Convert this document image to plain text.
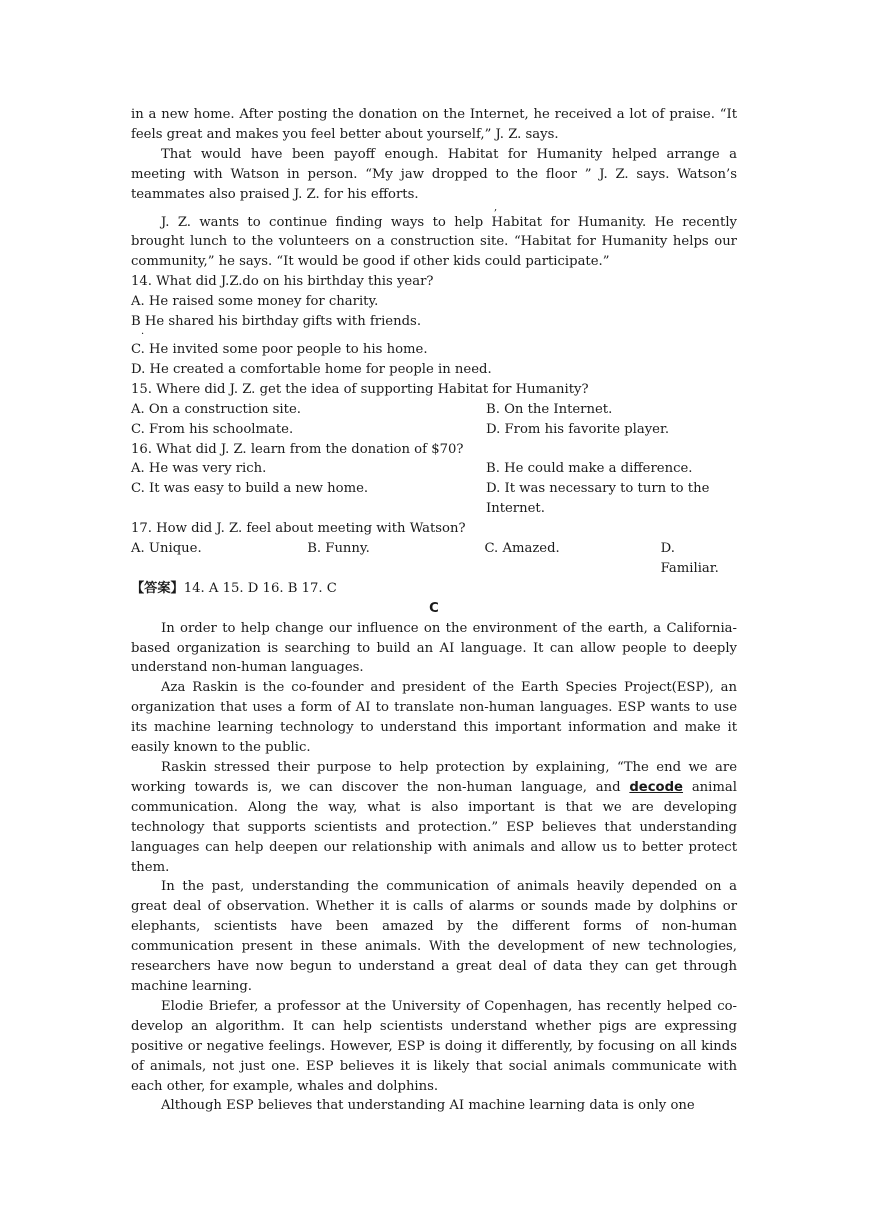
in a new home. After posting the donation on the Internet, he received a lot of praise. “It feels great and makes you feel better about yourself,” J. Z. says.

That would have been payoff enough. Habitat for Humanity helped arrange a meeting with Watson in person. “My jaw dropped to the floor ” J. Z. says. Watson’s teammates also praised J. Z. for his efforts.

,

J. Z. wants to continue finding ways to help Habitat for Humanity. He recently brought lunch to the volunteers on a construction site. “Habitat for Humanity helps our community,” he says. “It would be good if other kids could participate.”

14. What did J.Z.do on his birthday this year?

A. He raised some money for charity.

B He shared his birthday gifts with friends.

·

C. He invited some poor people to his home.

D. He created a comfortable home for people in need.

15. Where did J. Z. get the idea of supporting Habitat for Humanity?

A. On a construction site.	B. On the Internet.
C. From his schoolmate.	D. From his favorite player.

16. What did J. Z. learn from the donation of $70?

A. He was very rich.	B. He could make a difference.
C. It was easy to build a new home.	D. It was necessary to turn to the Internet.

17. How did J. Z. feel about meeting with Watson?

A. Unique.	B. Funny.	C. Amazed.	D. Familiar.

【答案】14. A 15. D 16. B 17. C

C

In order to help change our influence on the environment of the earth, a California-based organization is searching to build an AI language. It can allow people to deeply understand non-human languages.

Aza Raskin is the co-founder and president of the Earth Species Project(ESP), an organization that uses a form of AI to translate non-human languages. ESP wants to use its machine learning technology to understand this important information and make it easily known to the public.

Raskin stressed their purpose to help protection by explaining, “The end we are working towards is, we can discover the non-human language, and decode animal communication. Along the way, what is also important is that we are developing technology that supports scientists and protection.” ESP believes that understanding languages can help deepen our relationship with animals and allow us to better protect them.

In the past, understanding the communication of animals heavily depended on a great deal of observation. Whether it is calls of alarms or sounds made by dolphins or elephants, scientists have been amazed by the different forms of non-human communication present in these animals. With the development of new technologies, researchers have now begun to understand a great deal of data they can get through machine learning.

Elodie Briefer, a professor at the University of Copenhagen, has recently helped co-develop an algorithm. It can help scientists understand whether pigs are expressing positive or negative feelings. However, ESP is doing it differently, by focusing on all kinds of animals, not just one. ESP believes it is likely that social animals communicate with each other, for example, whales and dolphins.

Although ESP believes that understanding AI machine learning data is only one
